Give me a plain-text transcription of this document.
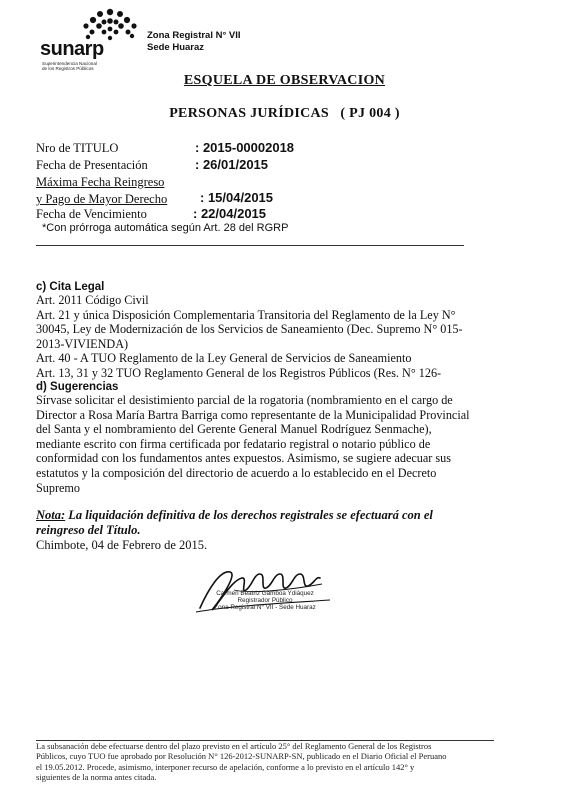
sunarp
Superintendencia Nacional
de los Registros Públicos
Zona Registral N° VII
Sede Huaraz
ESQUELA DE OBSERVACION
PERSONAS JURÍDICAS   ( PJ 004 )
Nro de TITULO	: 2015-00002018
Fecha de Presentación	: 26/01/2015
Máxima Fecha Reingreso
y Pago de Mayor Derecho	: 15/04/2015
Fecha de Vencimiento	: 22/04/2015
*Con prórroga automática según Art. 28 del RGRP
c) Cita Legal
Art. 2011 Código Civil
Art. 21 y única Disposición Complementaria Transitoria del Reglamento de la Ley N°
30045, Ley de Modernización de los Servicios de Saneamiento (Dec. Supremo N° 015-
2013-VIVIENDA)
Art. 40 - A TUO Reglamento de la Ley General de Servicios de Saneamiento
Art. 13, 31 y 32 TUO Reglamento General de los Registros Públicos (Res. N° 126-
d) Sugerencias
Sírvase solicitar el desistimiento parcial de la rogatoria (nombramiento en el cargo de
Director a Rosa María Bartra Barriga como representante de la Municipalidad Provincial
del Santa y el nombramiento del Gerente General Manuel Rodríguez Senmache),
mediante escrito con firma certificada por fedatario registral o notario público de
conformidad con los fundamentos antes expuestos. Asimismo, se sugiere adecuar sus
estatutos y la composición del directorio de acuerdo a lo establecido en el Decreto
Supremo
Nota: La liquidación definitiva de los derechos registrales se efectuará con el
reingreso del Título.
Chimbote, 04 de Febrero de 2015.
Carmen Beatriz Gamboa Ydiáquez
Registrador Público
Zona Registral N° VII - Sede Huaraz
La subsanación debe efectuarse dentro del plazo previsto en el artículo 25° del Reglamento General de los Registros
Públicos, cuyo TUO fue aprobado por Resolución N° 126-2012-SUNARP-SN, publicado en el Diario Oficial el Peruano
el 19.05.2012. Procede, asimismo, interponer recurso de apelación, conforme a lo previsto en el artículo 142° y
siguientes de la norma antes citada.
